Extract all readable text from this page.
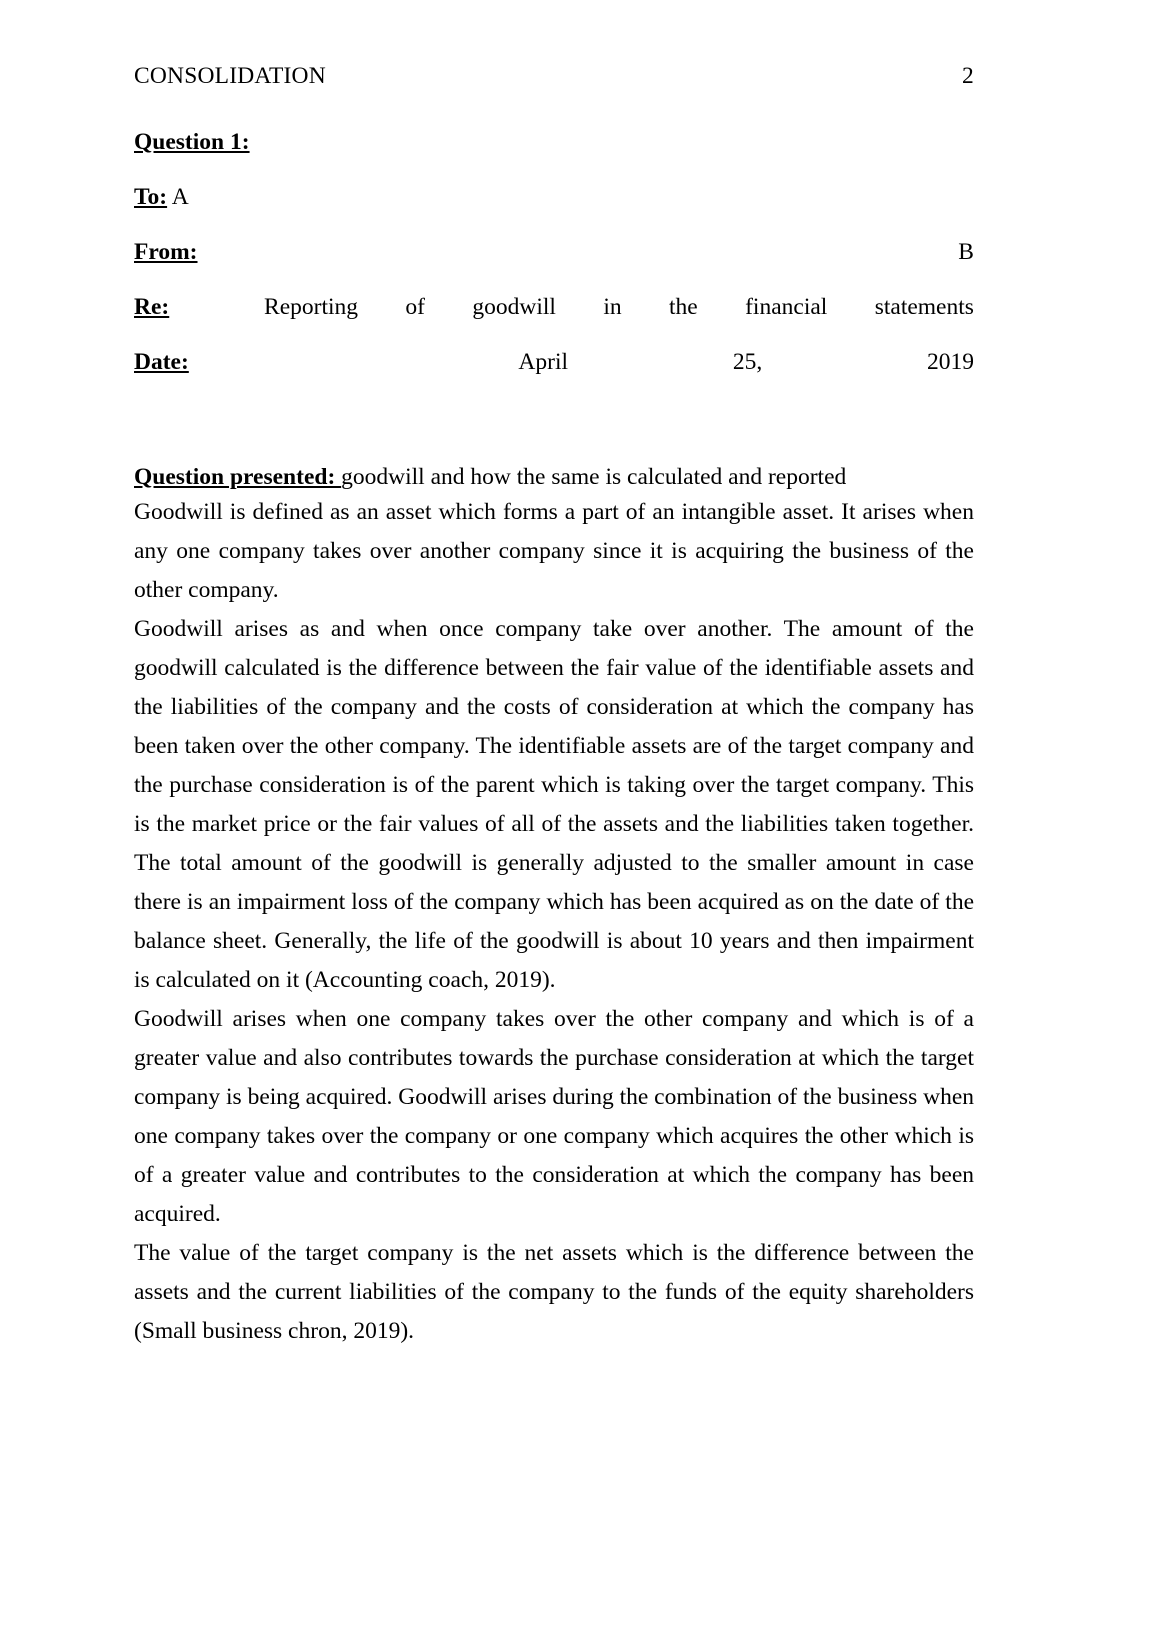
CONSOLIDATION	2
Question 1:
To: A
From:	B
Re:	Reporting of goodwill in the financial statements
Date:	April	25,	2019

Question presented: goodwill and how the same is calculated and reported

Goodwill is defined as an asset which forms a part of an intangible asset. It arises when any one company takes over another company since it is acquiring the business of the other company.

Goodwill arises as and when once company take over another. The amount of the goodwill calculated is the difference between the fair value of the identifiable assets and the liabilities of the company and the costs of consideration at which the company has been taken over the other company. The identifiable assets are of the target company and the purchase consideration is of the parent which is taking over the target company. This is the market price or the fair values of all of the assets and the liabilities taken together. The total amount of the goodwill is generally adjusted to the smaller amount in case there is an impairment loss of the company which has been acquired as on the date of the balance sheet. Generally, the life of the goodwill is about 10 years and then impairment is calculated on it (Accounting coach, 2019).

Goodwill arises when one company takes over the other company and which is of a greater value and also contributes towards the purchase consideration at which the target company is being acquired. Goodwill arises during the combination of the business when one company takes over the company or one company which acquires the other which is of a greater value and contributes to the consideration at which the company has been acquired.

The value of the target company is the net assets which is the difference between the assets and the current liabilities of the company to the funds of the equity shareholders (Small business chron, 2019).
